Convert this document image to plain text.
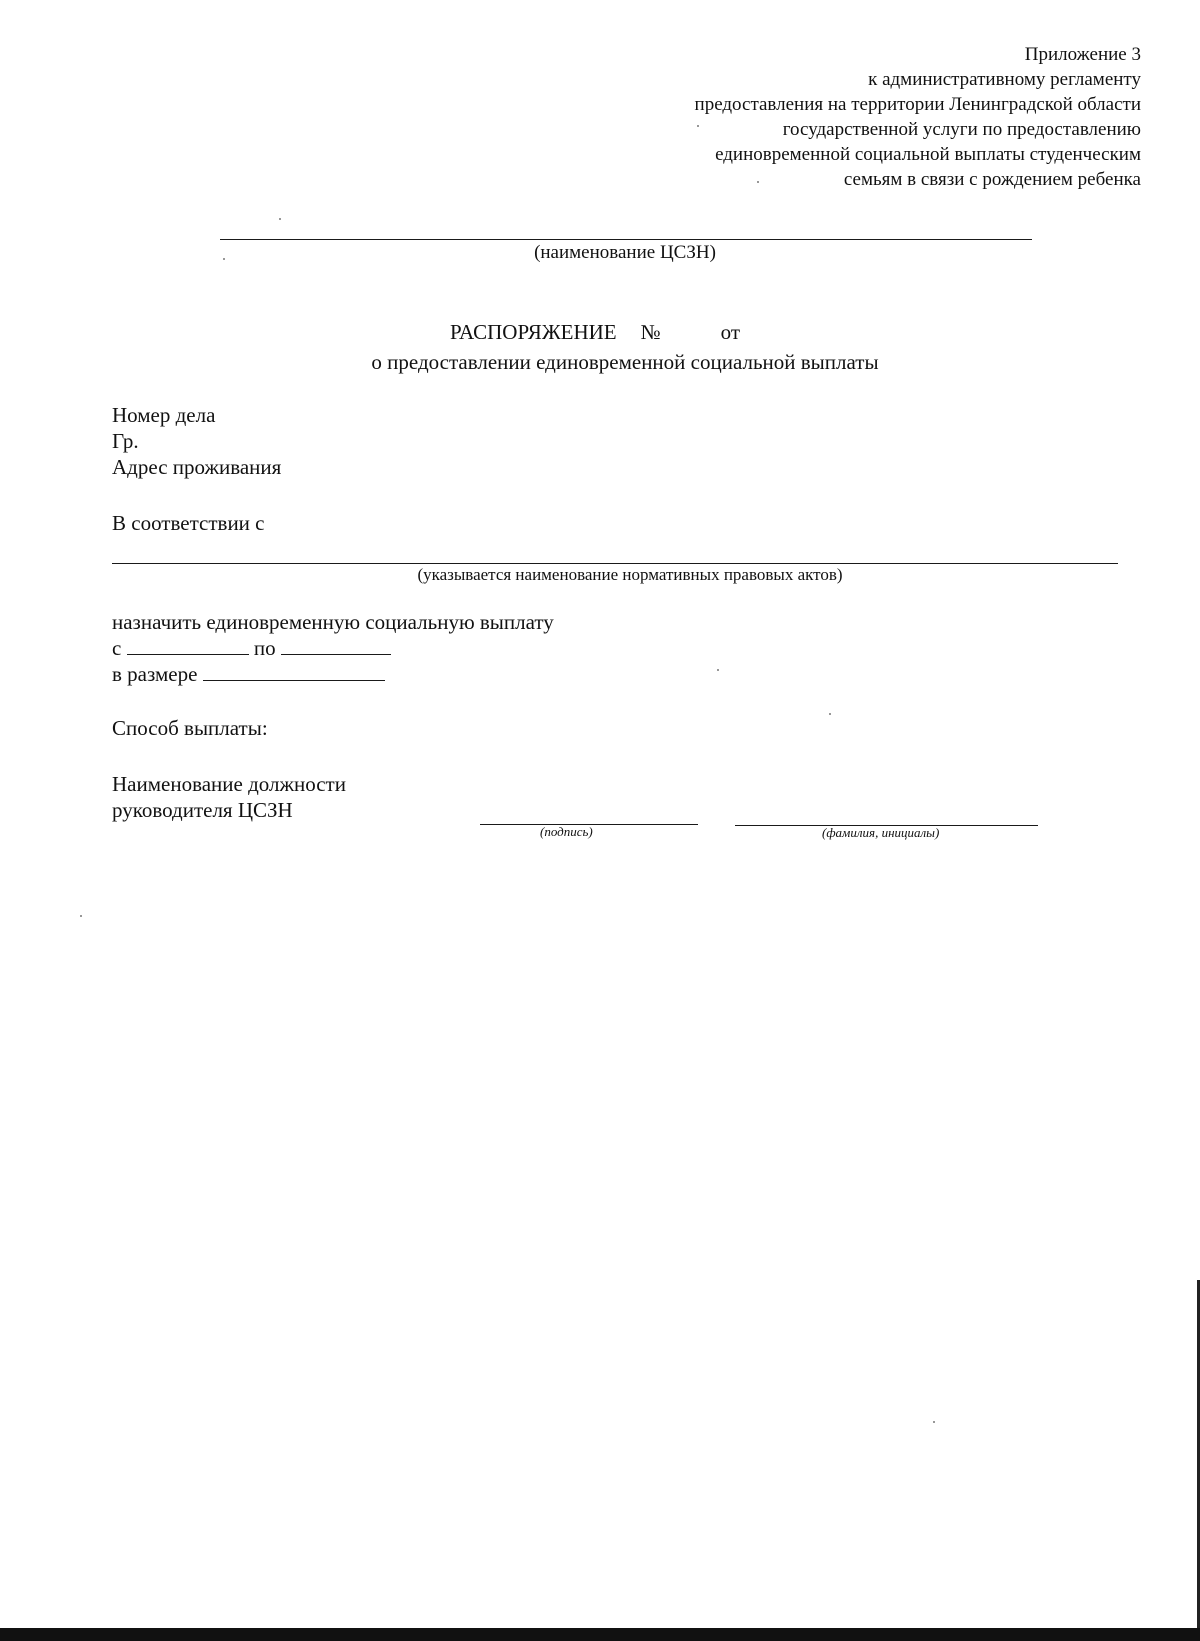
Приложение 3
к административному регламенту
предоставления на территории Ленинградской области
государственной услуги по предоставлению
единовременной социальной выплаты студенческим
семьям в связи с рождением ребенка
(наименование ЦСЗН)
РАСПОРЯЖЕНИЕ №	от
о предоставлении единовременной социальной выплаты
Номер дела
Гр.
Адрес проживания
В соответствии с
(указывается наименование нормативных правовых актов)
назначить единовременную социальную выплату
с	по
в размере
Способ выплаты:
Наименование должности
руководителя ЦСЗН
(подпись)	(фамилия, инициалы)
